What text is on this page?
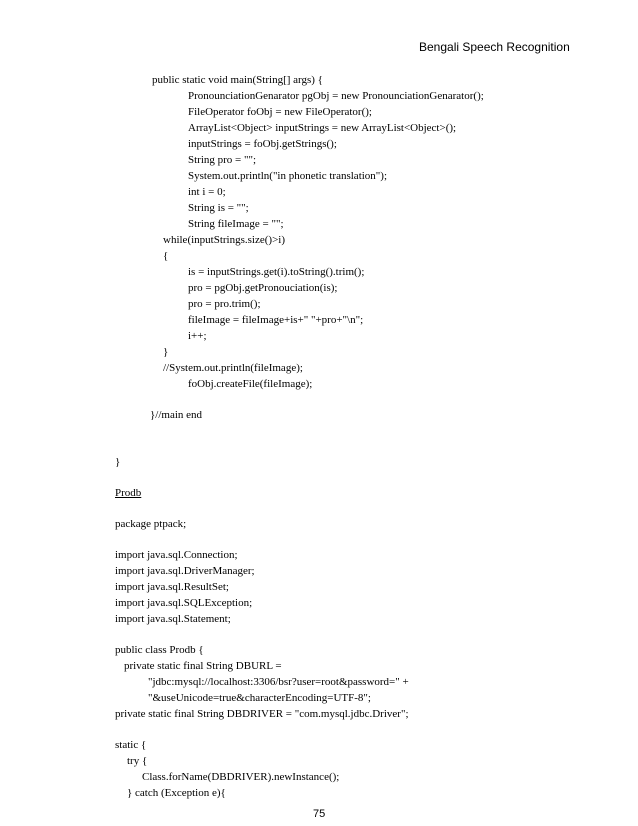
Bengali Speech Recognition
public static void main(String[] args) {
PronounciationGenarator pgObj = new PronounciationGenarator();
FileOperator foObj = new FileOperator();
ArrayList<Object> inputStrings = new ArrayList<Object>();
inputStrings = foObj.getStrings();
String pro = "";
System.out.println("in phonetic translation");
int i = 0;
String is = "";
String fileImage = "";
while(inputStrings.size()>i)
{
is = inputStrings.get(i).toString().trim();
pro = pgObj.getPronouciation(is);
pro = pro.trim();
fileImage = fileImage+is+" "+pro+"\n";
i++;
}
//System.out.println(fileImage);
foObj.createFile(fileImage);
}//main end
}
Prodb
package ptpack;
import java.sql.Connection;
import java.sql.DriverManager;
import java.sql.ResultSet;
import java.sql.SQLException;
import java.sql.Statement;
public class Prodb {
private static final String DBURL =
"jdbc:mysql://localhost:3306/bsr?user=root&password=" +
"&useUnicode=true&characterEncoding=UTF-8";
private static final String DBDRIVER = "com.mysql.jdbc.Driver";
static {
try {
Class.forName(DBDRIVER).newInstance();
} catch (Exception e){
75
